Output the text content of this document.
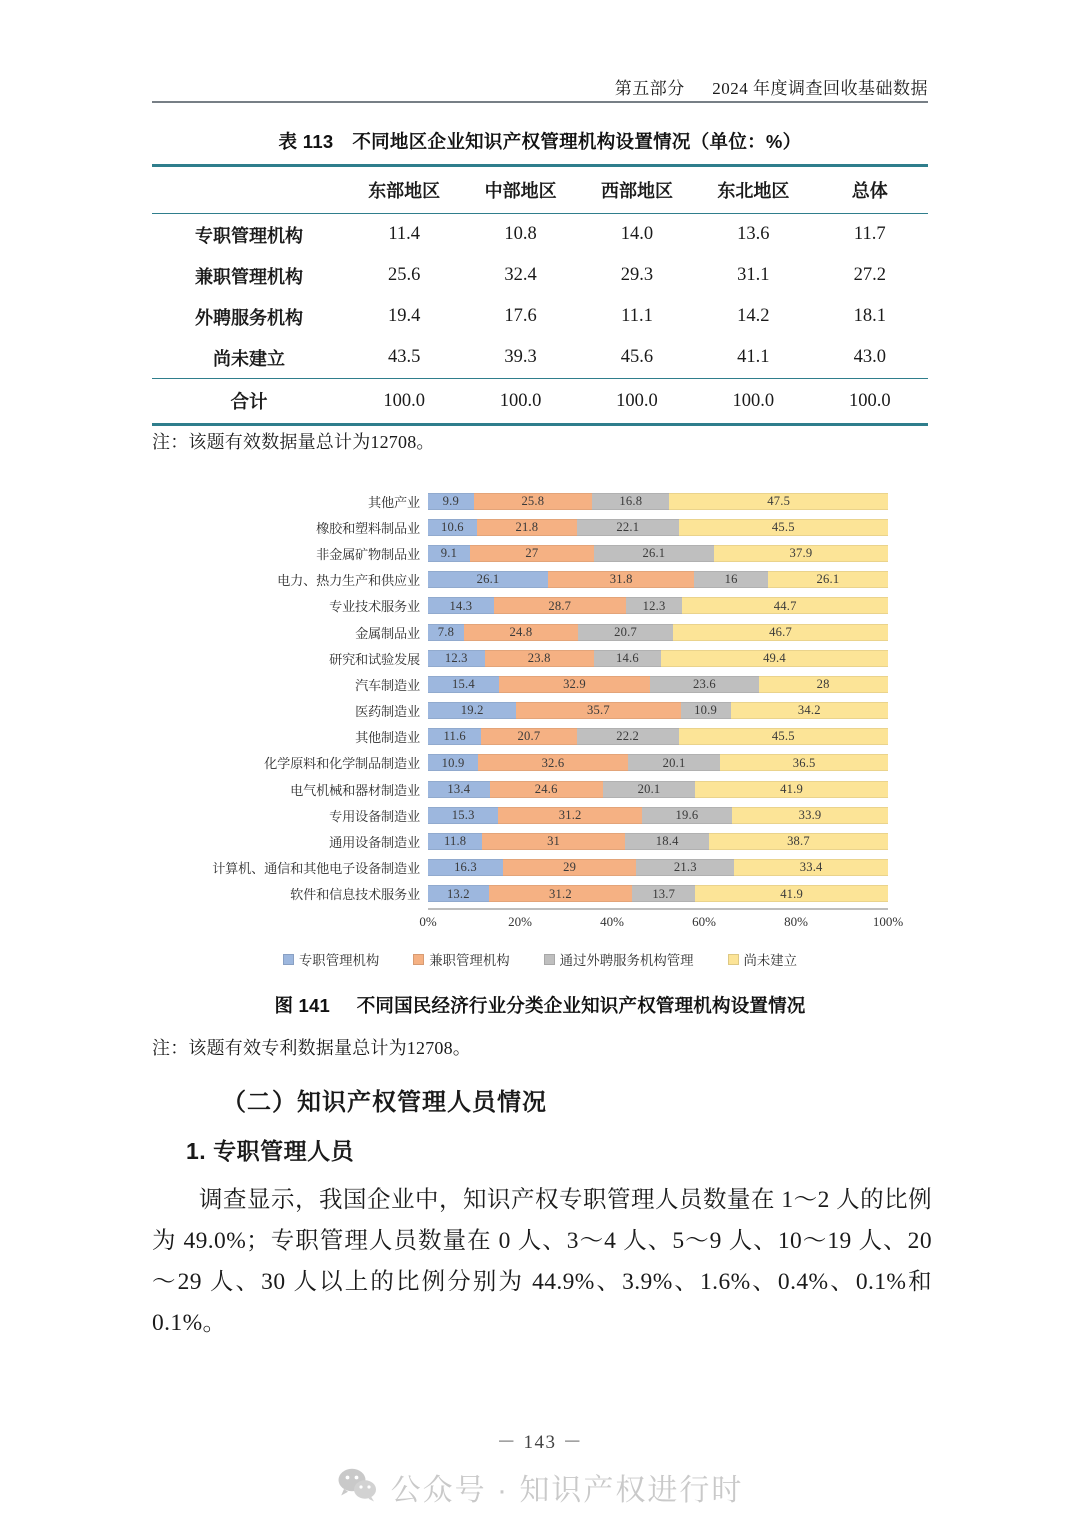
第五部分 2024 年度调查回收基础数据
表 113　不同地区企业知识产权管理机构设置情况（单位：%）
	东部地区	中部地区	西部地区	东北地区	总体
专职管理机构	11.4	10.8	14.0	13.6	11.7
兼职管理机构	25.6	32.4	29.3	31.1	27.2
外聘服务机构	19.4	17.6	11.1	14.2	18.1
尚未建立	43.5	39.3	45.6	41.1	43.0
合计	100.0	100.0	100.0	100.0	100.0

注：该题有效数据量总计为12708。
其他产业	9.9	25.8	16.8	47.5
橡胶和塑料制品业	10.6	21.8	22.1	45.5
非金属矿物制品业	9.1	27	26.1	37.9
电力、热力生产和供应业	26.1	31.8	16	26.1
专业技术服务业	14.3	28.7	12.3	44.7
金属制品业	7.8	24.8	20.7	46.7
研究和试验发展	12.3	23.8	14.6	49.4
汽车制造业	15.4	32.9	23.6	28
医药制造业	19.2	35.7	10.9	34.2
其他制造业	11.6	20.7	22.2	45.5
化学原料和化学制品制造业	10.9	32.6	20.1	36.5
电气机械和器材制造业	13.4	24.6	20.1	41.9
专用设备制造业	15.3	31.2	19.6	33.9
通用设备制造业	11.8	31	18.4	38.7
计算机、通信和其他电子设备制造业	16.3	29	21.3	33.4
软件和信息技术服务业	13.2	31.2	13.7	41.9
0%	20%	40%	60%	80%	100%
专职管理机构	兼职管理机构	通过外聘服务机构管理	尚未建立
图 141 不同国民经济行业分类企业知识产权管理机构设置情况
注：该题有效专利数据量总计为12708。
（二）知识产权管理人员情况
1. 专职管理人员
调查显示，我国企业中，知识产权专职管理人员数量在 1～2 人的比例为 49.0%；专职管理人员数量在 0 人、3～4 人、5～9 人、10～19 人、20～29 人、30 人以上的比例分别为 44.9%、3.9%、1.6%、0.4%、0.1%和 0.1%。
－ 143 －
公众号 · 知识产权进行时
